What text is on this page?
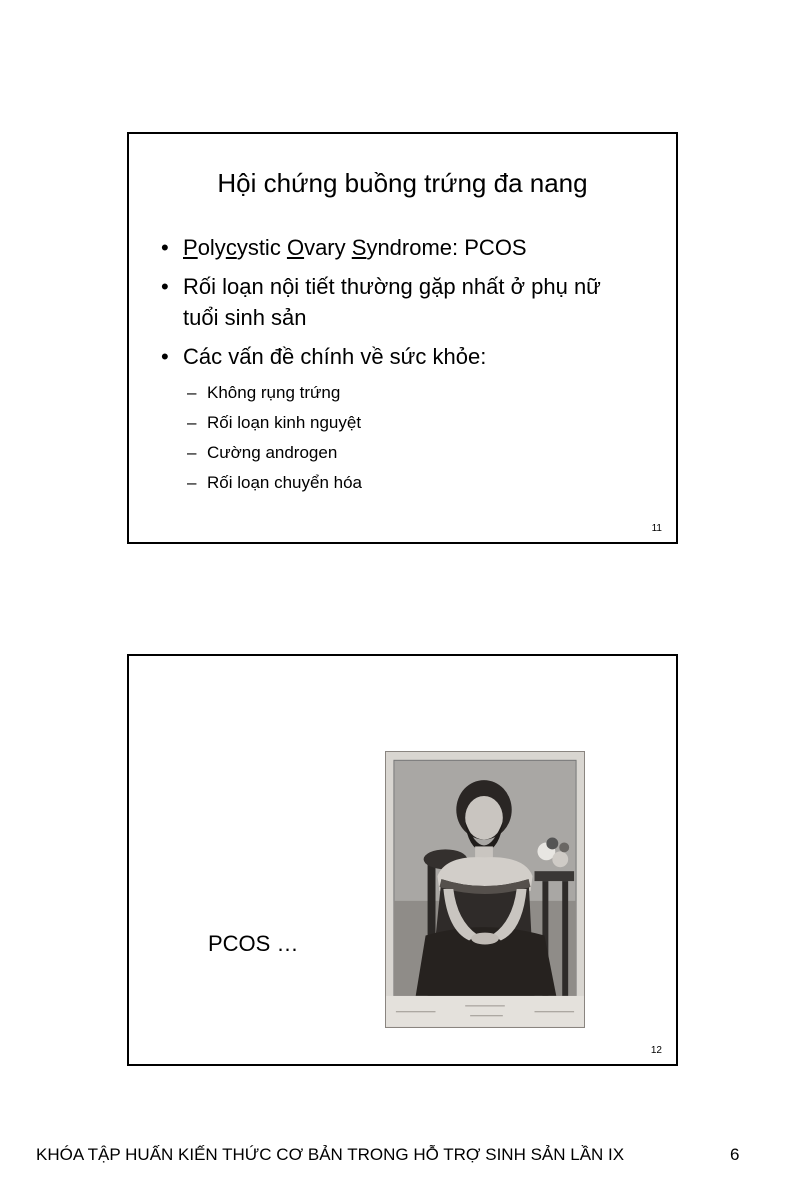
Hội chứng buồng trứng đa nang
• Polycystic Ovary Syndrome: PCOS
• Rối loạn nội tiết thường gặp nhất ở phụ nữ tuổi sinh sản
• Các vấn đề chính về sức khỏe:
– Không rụng trứng
– Rối loạn kinh nguyệt
– Cường androgen
– Rối loạn chuyển hóa
11
PCOS …
12
KHÓA TẬP HUẤN KIẾN THỨC CƠ BẢN TRONG HỖ TRỢ SINH SẢN LẦN IX	6
